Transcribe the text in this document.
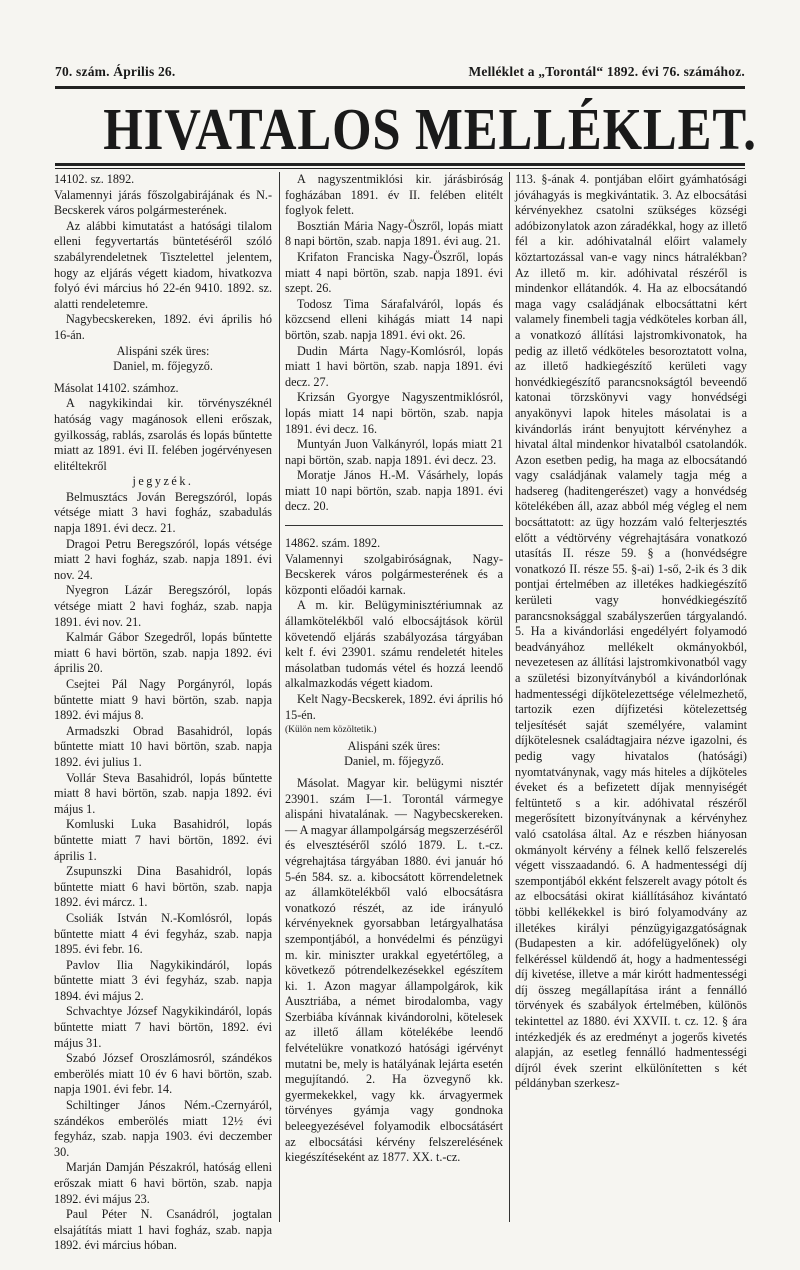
70. szám. Április 26.	Melléklet a „Torontál“ 1892. évi 76. számához.
HIVATALOS MELLÉKLET.

14102. sz. 1892.

Valamennyi járás főszolgabirájának és N.-Becskerek város polgármesterének.

Az alábbi kimutatást a hatósági tilalom elleni fegyvertartás büntetéséről szóló szabályrendeletnek Tisztelettel jelentem, hogy az eljárás végett kiadom, hivatkozva folyó évi március hó 22-én 9410. 1892. sz. alatti rendeletemre.

Nagybecskereken, 1892. évi április hó 16-án.

Alispáni szék üres:

Daniel, m. főjegyző.

Másolat 14102. számhoz.

A nagykikindai kir. törvényszéknél hatóság vagy magánosok elleni erőszak, gyilkosság, rablás, zsarolás és lopás bűntette miatt az 1891. évi II. felében jogérvényesen elitéltekről

jegyzék.

Belmusztács Jován Beregszóról, lopás vétsége miatt 3 havi fogház, szabadulás napja 1891. évi decz. 21.

Dragoi Petru Beregszóról, lopás vétsége miatt 2 havi fogház, szab. napja 1891. évi nov. 24.

Nyegron Lázár Beregszóról, lopás vétsége miatt 2 havi fogház, szab. napja 1891. évi nov. 21.

Kalmár Gábor Szegedről, lopás bűntette miatt 6 havi börtön, szab. napja 1892. évi április 20.

Csejtei Pál Nagy Porgányról, lopás bűntette miatt 9 havi börtön, szab. napja 1892. évi május 8.

Armadszki Obrad Basahidról, lopás bűntette miatt 10 havi börtön, szab. napja 1892. évi julius 1.

Vollár Steva Basahidról, lopás bűntette miatt 8 havi börtön, szab. napja 1892. évi május 1.

Komluski Luka Basahidról, lopás bűntette miatt 7 havi börtön, 1892. évi április 1.

Zsupunszki Dina Basahidról, lopás bűntette miatt 6 havi börtön, szab. napja 1892. évi márcz. 1.

Csoliák István N.-Komlósról, lopás bűntette miatt 4 évi fegyház, szab. napja 1895. évi febr. 16.

Pavlov Ilia Nagykikindáról, lopás bűntette miatt 3 évi fegyház, szab. napja 1894. évi május 2.

Schvachtye József Nagykikindáról, lopás bűntette miatt 7 havi börtön, 1892. évi május 31.

Szabó József Oroszlámosról, szándékos emberölés miatt 10 év 6 havi börtön, szab. napja 1901. évi febr. 14.

Schiltinger János Ném.-Czernyáról, szándékos emberölés miatt 12½ évi fegyház, szab. napja 1903. évi deczember 30.

Marján Damján Pészakról, hatóság elleni erőszak miatt 6 havi börtön, szab. napja 1892. évi május 23.

Paul Péter N. Csanádról, jogtalan elsajátítás miatt 1 havi fogház, szab. napja 1892. évi március hóban.

A nagyszentmiklósi kir. járásbiróság fogházában 1891. év II. felében elitélt foglyok felett.

Bosztián Mária Nagy-Öszről, lopás miatt 8 napi börtön, szab. napja 1891. évi aug. 21.

Krifaton Franciska Nagy-Öszről, lopás miatt 4 napi börtön, szab. napja 1891. évi szept. 26.

Todosz Tima Sárafalváról, lopás és közcsend elleni kihágás miatt 14 napi börtön, szab. napja 1891. évi okt. 26.

Dudin Márta Nagy-Komlósról, lopás miatt 1 havi börtön, szab. napja 1891. évi decz. 27.

Krizsán Gyorgye Nagyszentmiklósról, lopás miatt 14 napi börtön, szab. napja 1891. évi decz. 16.

Muntyán Juon Valkányról, lopás miatt 21 napi börtön, szab. napja 1891. évi decz. 23.

Moratje János H.-M. Vásárhely, lopás miatt 10 napi börtön, szab. napja 1891. évi decz. 20.

14862. szám. 1892.

Valamennyi szolgabiróságnak, Nagy-Becskerek város polgármesterének és a központi előadói karnak.

A m. kir. Belügyminisztériumnak az államkötelékből való elbocsájtások körül követendő eljárás szabályozása tárgyában kelt f. évi 23901. számu rendeletét hiteles másolatban tudomás vétel és hozzá leendő alkalmazkodás végett kiadom.

Kelt Nagy-Becskerek, 1892. évi április hó 15-én.

(Külön nem közöltetik.)

Alispáni szék üres:

Daniel, m. főjegyző.

Másolat. Magyar kir. belügymi nisztér 23901. szám I—1. Torontál vármegye alispáni hivatalának. — Nagybecskereken. — A magyar állampolgárság megszerzéséről és elvesztéséről szóló 1879. L. t.-cz. végrehajtása tárgyában 1880. évi január hó 5-én 584. sz. a. kibocsátott körrendeletnek az államkötelékből való elbocsátásra vonatkozó részét, az ide irányuló kérvényeknek gyorsabban letárgyalhatása szempontjából, a honvédelmi és pénzügyi m. kir. miniszter urakkal egyetértőleg, a következő pótrendelkezésekkel egészítem ki. 1. Azon magyar állampolgárok, kik Ausztriába, a német birodalomba, vagy Szerbiába kívánnak kivándorolni, kötelesek az illető állam kötelékébe leendő felvételükre vonatkozó hatósági igérvényt mutatni be, mely is hatályának lejárta esetén megujítandó. 2. Ha özvegynő kk. gyermekekkel, vagy kk. árvagyermek törvényes gyámja vagy gondnoka beleegyezésével folyamodik elbocsátásért az elbocsátási kérvény felszerelésének kiegészítéseként az 1877. XX. t.-cz.

113. §-ának 4. pontjában előirt gyámhatósági jóváhagyás is megkivántatik. 3. Az elbocsátási kérvényekhez csatolni szükséges községi adóbizonylatok azon záradékkal, hogy az illető fél a kir. adóhivatalnál előirt valamely köztartozással van-e vagy nincs hátralékban? Az illető m. kir. adóhivatal részéről is mindenkor ellátandók. 4. Ha az elbocsátandó maga vagy családjának elbocsáttatni kért valamely finembeli tagja védköteles korban áll, a vonatkozó állítási lajstromkivonatok, ha pedig az illető védköteles besoroztatott volna, az illető hadkiegészítő kerületi vagy honvédkiegészítő parancsnokságtól beveendő katonai törzskönyvi vagy honvédségi anyakönyvi lapok hiteles másolatai is a kivándorlás iránt benyujtott kérvényhez a hivatal által mindenkor hivatalból csatolandók. Azon esetben pedig, ha maga az elbocsátandó vagy családjának valamely tagja még a hadsereg (haditengerészet) vagy a honvédség kötelékében áll, azaz abból még végleg el nem bocsáttatott: az ügy hozzám való felterjesztés előtt a védtörvény végrehajtására vonatkozó utasítás II. része 59. § a (honvédségre vonatkozó II. része 55. §-ai) 1-ső, 2-ik és 3 dik pontjai értelmében az illetékes hadkiegészítő kerületi vagy honvédkiegészítő parancsnoksággal szabályszerűen tárgyalandó. 5. Ha a kivándorlási engedélyért folyamodó beadványához mellékelt okmányokból, nevezetesen az állítási lajstromkivonatból vagy a születési bizonyítványból a kivándorlónak hadmentességi díjkötelezettsége vélelmezhető, tartozik ezen díjfizetési kötelezettség teljesítését saját személyére, valamint díjkötelesnek családtagjaira nézve igazolni, és pedig vagy hivatalos (hatósági) nyomtatványnak, vagy más hiteles a díjköteles éveket és a befizetett díjak mennyiségét feltüntető s a kir. adóhivatal részéről megerősített bizonyítványnak a kérvényhez való csatolása által. Az e részben hiányosan okmányolt kérvény a félnek kellő felszerelés végett visszaadandó. 6. A hadmentességi díj szempontjából ekként felszerelt avagy pótolt és az elbocsátási okirat kiállításához kivántató többi kellékekkel is biró folyamodvány az illetékes királyi pénzügyigazgatóságnak (Budapesten a kir. adófelügyelőnek) oly felkéréssel küldendő át, hogy a hadmentességi díj kivetése, illetve a már kirótt hadmentességi díj összeg megállapítása iránt a fennálló törvények és szabályok értelmében, különös tekintettel az 1880. évi XXVII. t. cz. 12. § ára intézkedjék és az eredményt a jogerős kivetés alapján, az esetleg fennálló hadmentességi díjról évek szerint elkülönítetten s két példányban szerkesz-
